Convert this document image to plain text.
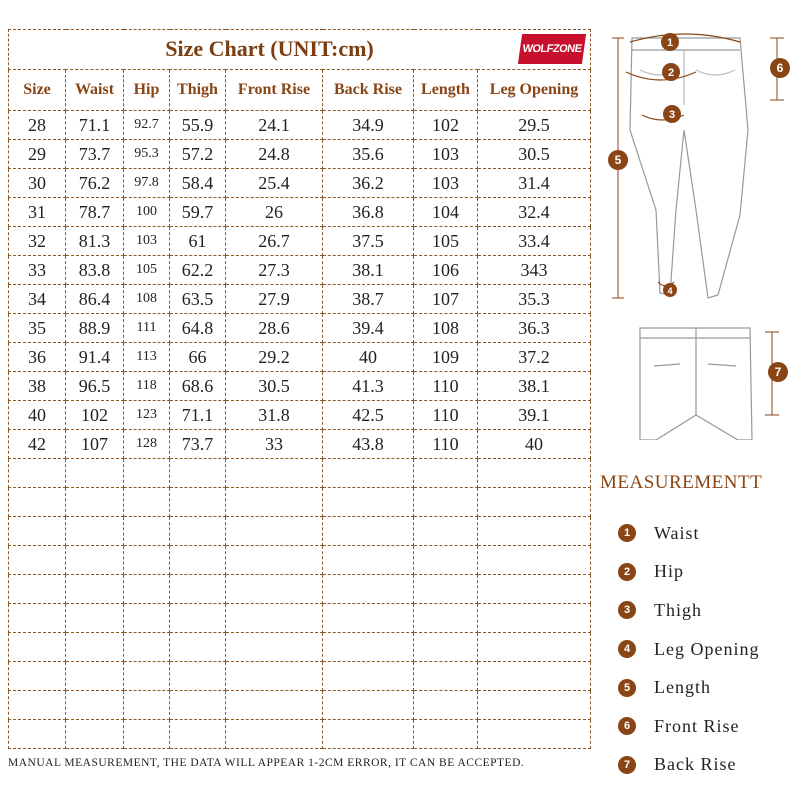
Size Chart (UNIT:cm) WOLFZONE							

Size	Waist	Hip	Thigh	Front Rise	Back Rise	Length	Leg Opening
28	71.1	92.7	55.9	24.1	34.9	102	29.5
29	73.7	95.3	57.2	24.8	35.6	103	30.5
30	76.2	97.8	58.4	25.4	36.2	103	31.4
31	78.7	100	59.7	26	36.8	104	32.4
32	81.3	103	61	26.7	37.5	105	33.4
33	83.8	105	62.2	27.3	38.1	106	343
34	86.4	108	63.5	27.9	38.7	107	35.3
35	88.9	111	64.8	28.6	39.4	108	36.3
36	91.4	113	66	29.2	40	109	37.2
38	96.5	118	68.6	30.5	41.3	110	38.1
40	102	123	71.1	31.8	42.5	110	39.1
42	107	128	73.7	33	43.8	110	40

MANUAL MEASUREMENT, THE DATA WILL APPEAR 1-2CM ERROR, IT CAN BE ACCEPTED.
1
2
3
4
5
6
7
MEASUREMENTT
1	Waist
2	Hip
3	Thigh
4	Leg Opening
5	Length
6	Front Rise
7	Back Rise
